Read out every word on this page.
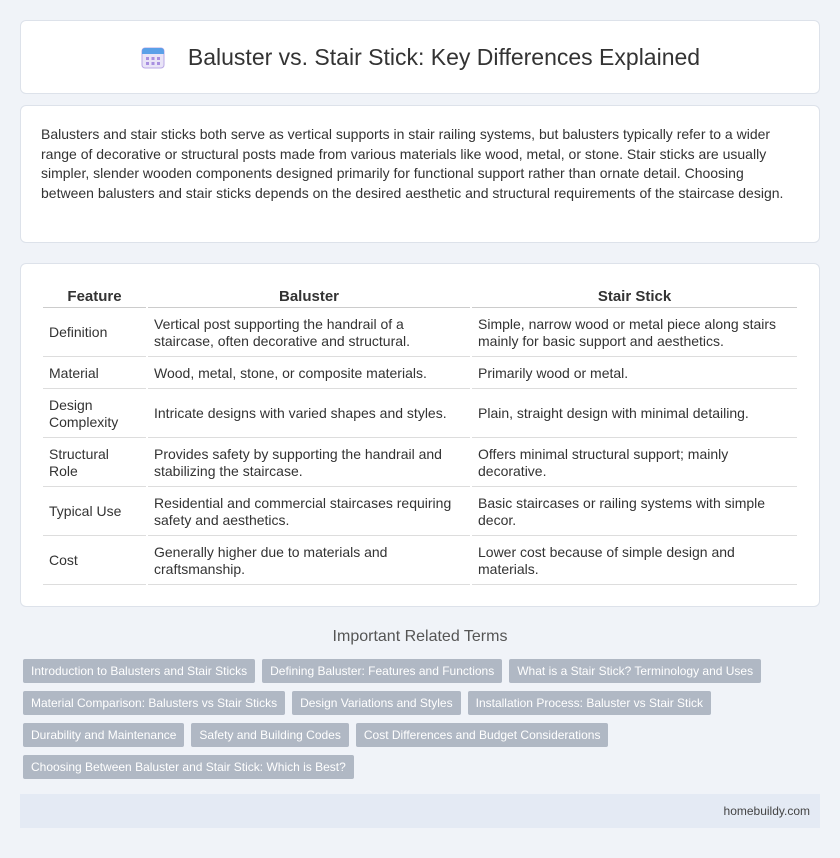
Baluster vs. Stair Stick: Key Differences Explained

Balusters and stair sticks both serve as vertical supports in stair railing systems, but balusters typically refer to a wider range of decorative or structural posts made from various materials like wood, metal, or stone. Stair sticks are usually simpler, slender wooden components designed primarily for functional support rather than ornate detail. Choosing between balusters and stair sticks depends on the desired aesthetic and structural requirements of the staircase design.

Feature	Baluster	Stair Stick
Definition	Vertical post supporting the handrail of a staircase, often decorative and structural.	Simple, narrow wood or metal piece along stairs mainly for basic support and aesthetics.
Material	Wood, metal, stone, or composite materials.	Primarily wood or metal.
Design Complexity	Intricate designs with varied shapes and styles.	Plain, straight design with minimal detailing.
Structural Role	Provides safety by supporting the handrail and stabilizing the staircase.	Offers minimal structural support; mainly decorative.
Typical Use	Residential and commercial staircases requiring safety and aesthetics.	Basic staircases or railing systems with simple decor.
Cost	Generally higher due to materials and craftsmanship.	Lower cost because of simple design and materials.
Important Related Terms
Introduction to Balusters and Stair Sticks	Defining Baluster: Features and Functions	What is a Stair Stick? Terminology and Uses
Material Comparison: Balusters vs Stair Sticks	Design Variations and Styles	Installation Process: Baluster vs Stair Stick
Durability and Maintenance	Safety and Building Codes	Cost Differences and Budget Considerations
Choosing Between Baluster and Stair Stick: Which is Best?
homebuildy.com
